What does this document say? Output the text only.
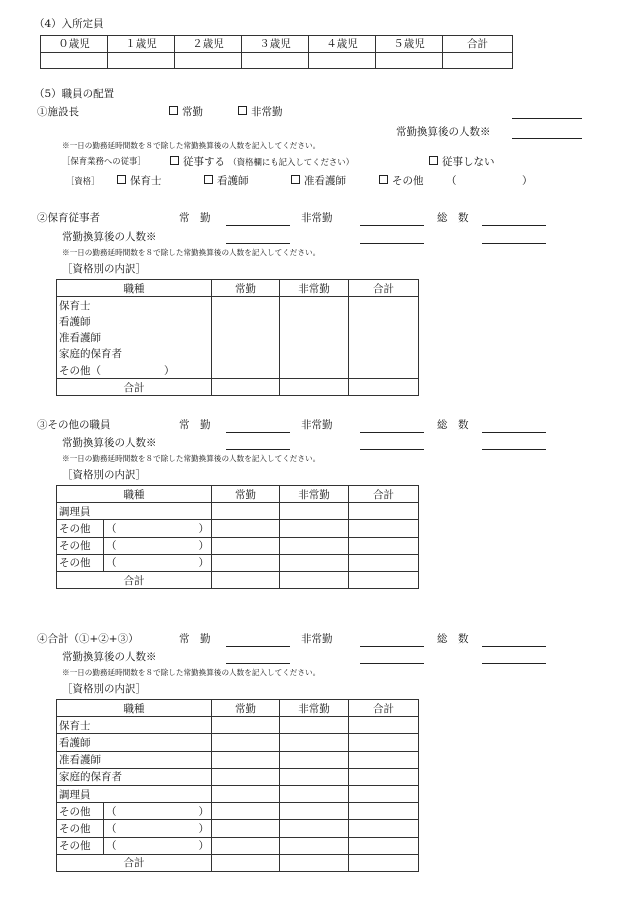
（4）入所定員
０歳児	１歳児	２歳児	３歳児	４歳児	５歳児	合計

（5）職員の配置
①施設長	常勤	非常勤
常勤換算後の人数※
※一日の勤務延時間数を８で除した常勤換算後の人数を記入してください。
［保育業務への従事］	従事する （資格欄にも記入してください）	従事しない
［資格］	保育士	看護師	准看護師	その他 （	）
②保育従事者	常　勤	非常勤	総　数
常勤換算後の人数※
※一日の勤務延時間数を８で除した常勤換算後の人数を記入してください。
［資格別の内訳］
職種	常勤	非常勤	合計
保育士			
看護師			
准看護師			
家庭的保育者			
その他（　　　　　　）			
合計			
③その他の職員	常　勤	非常勤	総　数
常勤換算後の人数※
※一日の勤務延時間数を８で除した常勤換算後の人数を記入してください。
［資格別の内訳］
職種		常勤	非常勤	合計
調理員				
その他	（ ）			

その他	（ ）			

その他	（ ）			

合計				
④合計（①+②+③）	常　勤	非常勤	総　数
常勤換算後の人数※
※一日の勤務延時間数を８で除した常勤換算後の人数を記入してください。
［資格別の内訳］
職種		常勤	非常勤	合計
保育士				
看護師				
准看護師				
家庭的保育者				
調理員				
その他	（ ）			

その他	（ ）			

その他	（ ）			

合計				
